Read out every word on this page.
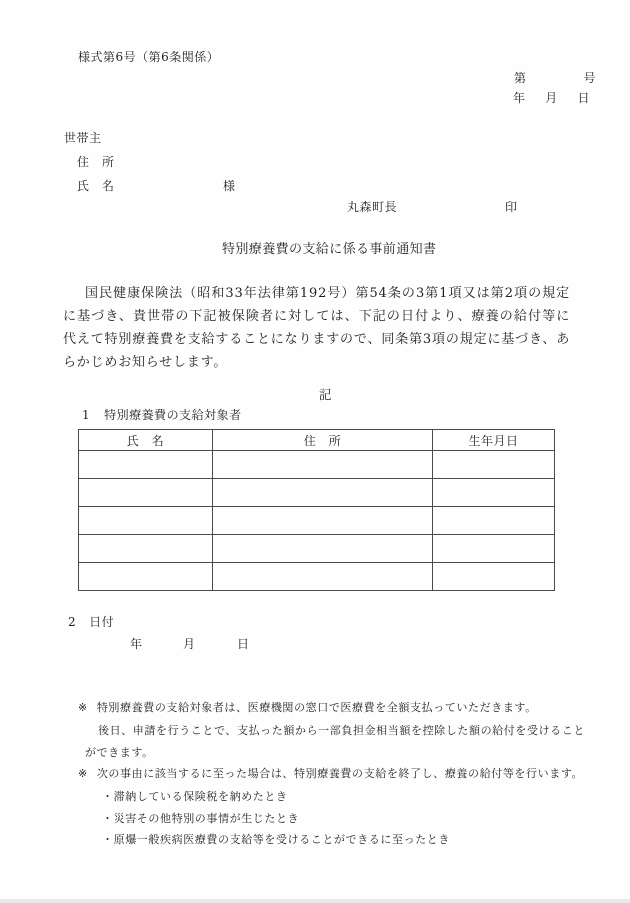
様式第6号（第6条関係）
第	号
年 月 日
世帯主
住　所
氏　名	様
丸森町長	印
特別療養費の支給に係る事前通知書
国民健康保険法（昭和33年法律第192号）第54条の3第1項又は第2項の規定に基づき、貴世帯の下記被保険者に対しては、下記の日付より、療養の給付等に代えて特別療養費を支給することになりますので、同条第3項の規定に基づき、あらかじめお知らせします。
記
1 特別療養費の支給対象者
氏　名	住　所	生年月日

2 日付
年	月	日
※ 特別療養費の支給対象者は、医療機関の窓口で医療費を全額支払っていただきます。
後日、申請を行うことで、支払った額から一部負担金相当額を控除した額の給付を受けること
ができます。
※ 次の事由に該当するに至った場合は、特別療養費の支給を終了し、療養の給付等を行います。
・滞納している保険税を納めたとき
・災害その他特別の事情が生じたとき
・原爆一般疾病医療費の支給等を受けることができるに至ったとき
